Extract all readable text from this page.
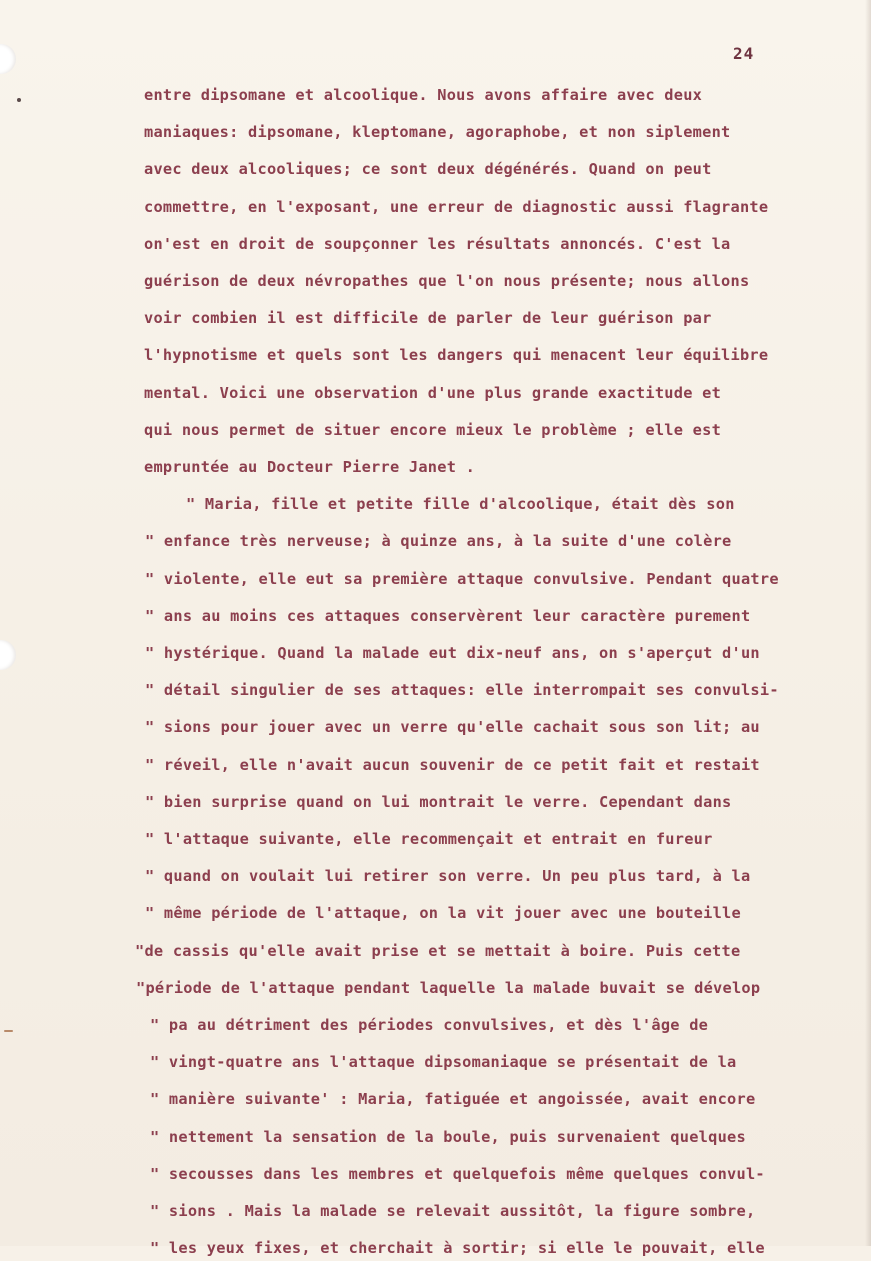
24
entre dipsomane et alcoolique. Nous avons affaire avec deux
maniaques: dipsomane, kleptomane, agoraphobe, et non siplement
avec deux alcooliques; ce sont deux dégénérés. Quand on peut
commettre, en l'exposant, une erreur de diagnostic aussi flagrante
on'est en droit de soupçonner les résultats annoncés. C'est la
guérison de deux névropathes que l'on nous présente; nous allons
voir combien il est difficile de parler de leur guérison par
l'hypnotisme et quels sont les dangers qui menacent leur équilibre
mental. Voici une observation d'une plus grande exactitude et
qui nous permet de situer encore mieux le problème ; elle est
empruntée au Docteur Pierre Janet .
" Maria, fille et petite fille d'alcoolique, était dès son
" enfance très nerveuse; à quinze ans, à la suite d'une colère
" violente, elle eut sa première attaque convulsive. Pendant quatre
" ans au moins ces attaques conservèrent leur caractère purement
" hystérique. Quand la malade eut dix-neuf ans, on s'aperçut d'un
" détail singulier de ses attaques: elle interrompait ses convulsi-
" sions pour jouer avec un verre qu'elle cachait sous son lit; au
" réveil, elle n'avait aucun souvenir de ce petit fait et restait
" bien surprise quand on lui montrait le verre. Cependant dans
" l'attaque suivante, elle recommençait et entrait en fureur
" quand on voulait lui retirer son verre. Un peu plus tard, à la
" même période de l'attaque, on la vit jouer avec une bouteille
"de cassis qu'elle avait prise et se mettait à boire. Puis cette
"période de l'attaque pendant laquelle la malade buvait se dévelop
" pa au détriment des périodes convulsives, et dès l'âge de
" vingt-quatre ans l'attaque dipsomaniaque se présentait de la
" manière suivante' : Maria, fatiguée et angoissée, avait encore
" nettement la sensation de la boule, puis survenaient quelques
" secousses dans les membres et quelquefois même quelques convul-
" sions . Mais la malade se relevait aussitôt, la figure sombre,
" les yeux fixes, et cherchait à sortir; si elle le pouvait, elle
